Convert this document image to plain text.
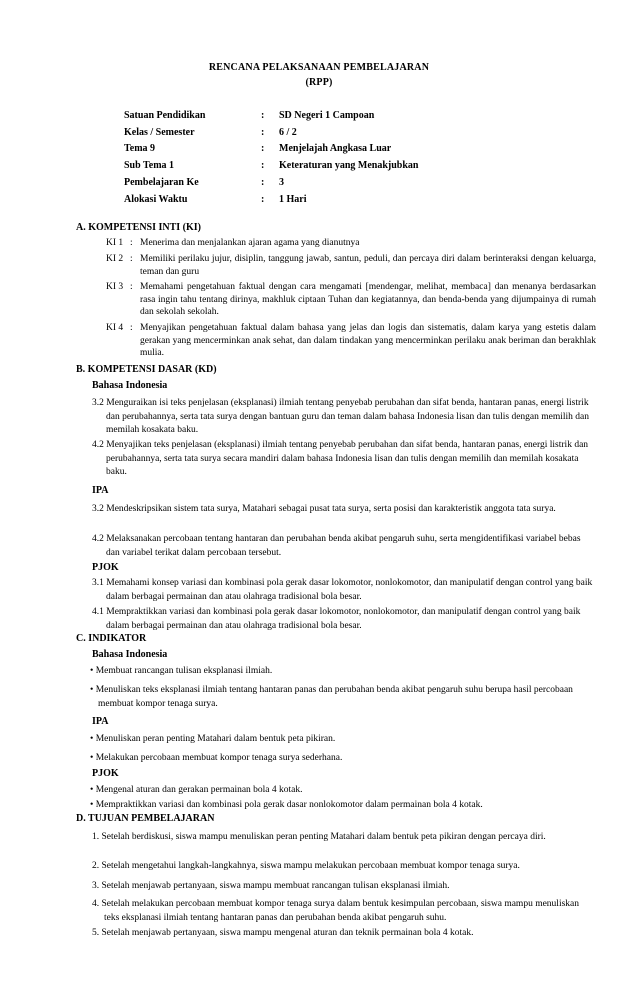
RENCANA PELAKSANAAN PEMBELAJARAN
(RPP)
Satuan Pendidikan	: SD Negeri 1 Campoan
Kelas / Semester	: 6 / 2
Tema 9	: Menjelajah Angkasa Luar
Sub Tema 1	: Keteraturan yang Menakjubkan
Pembelajaran Ke	: 3
Alokasi Waktu	: 1 Hari
A. KOMPETENSI INTI (KI)
KI 1 : Menerima dan menjalankan ajaran agama yang dianutnya
KI 2 : Memiliki perilaku jujur, disiplin, tanggung jawab, santun, peduli, dan percaya diri dalam berinteraksi dengan keluarga, teman dan guru
KI 3 : Memahami pengetahuan faktual dengan cara mengamati [mendengar, melihat, membaca] dan menanya berdasarkan rasa ingin tahu tentang dirinya, makhluk ciptaan Tuhan dan kegiatannya, dan benda-benda yang dijumpainya di rumah dan sekolah sekolah.
KI 4 : Menyajikan pengetahuan faktual dalam bahasa yang jelas dan logis dan sistematis, dalam karya yang estetis dalam gerakan yang mencerminkan anak sehat, dan dalam tindakan yang mencerminkan perilaku anak beriman dan berakhlak mulia.
B. KOMPETENSI DASAR (KD)
Bahasa Indonesia
3.2 Menguraikan isi teks penjelasan (eksplanasi) ilmiah tentang penyebab perubahan dan sifat benda, hantaran panas, energi listrik dan perubahannya, serta tata surya dengan bantuan guru dan teman dalam bahasa Indonesia lisan dan tulis dengan memilih dan memilah kosakata baku.
4.2 Menyajikan teks penjelasan (eksplanasi) ilmiah tentang penyebab perubahan dan sifat benda, hantaran panas, energi listrik dan perubahannya, serta tata surya secara mandiri dalam bahasa Indonesia lisan dan tulis dengan memilih dan memilah kosakata baku.
IPA
3.2 Mendeskripsikan sistem tata surya, Matahari sebagai pusat tata surya, serta posisi dan karakteristik anggota tata surya.
4.2 Melaksanakan percobaan tentang hantaran dan perubahan benda akibat pengaruh suhu, serta mengidentifikasi variabel bebas dan variabel terikat dalam percobaan tersebut.
PJOK
3.1 Memahami konsep variasi dan kombinasi pola gerak dasar lokomotor, nonlokomotor, dan manipulatif dengan control yang baik dalam berbagai permainan dan atau olahraga tradisional bola besar.
4.1 Mempraktikkan variasi dan kombinasi pola gerak dasar lokomotor, nonlokomotor, dan manipulatif dengan control yang baik dalam berbagai permainan dan atau olahraga tradisional bola besar.
C. INDIKATOR
Bahasa Indonesia
• Membuat rancangan tulisan eksplanasi ilmiah.
• Menuliskan teks eksplanasi ilmiah tentang hantaran panas dan perubahan benda akibat pengaruh suhu berupa hasil percobaan membuat kompor tenaga surya.
IPA
• Menuliskan peran penting Matahari dalam bentuk peta pikiran.
• Melakukan percobaan membuat kompor tenaga surya sederhana.
PJOK
• Mengenal aturan dan gerakan permainan bola 4 kotak.
• Mempraktikkan variasi dan kombinasi pola gerak dasar nonlokomotor dalam permainan bola 4 kotak.
D. TUJUAN PEMBELAJARAN
1. Setelah berdiskusi, siswa mampu menuliskan peran penting Matahari dalam bentuk peta pikiran dengan percaya diri.
2. Setelah mengetahui langkah-langkahnya, siswa mampu melakukan percobaan membuat kompor tenaga surya.
3. Setelah menjawab pertanyaan, siswa mampu membuat rancangan tulisan eksplanasi ilmiah.
4. Setelah melakukan percobaan membuat kompor tenaga surya dalam bentuk kesimpulan percobaan, siswa mampu menuliskan teks eksplanasi ilmiah tentang hantaran panas dan perubahan benda akibat pengaruh suhu.
5. Setelah menjawab pertanyaan, siswa mampu mengenal aturan dan teknik permainan bola 4 kotak.
